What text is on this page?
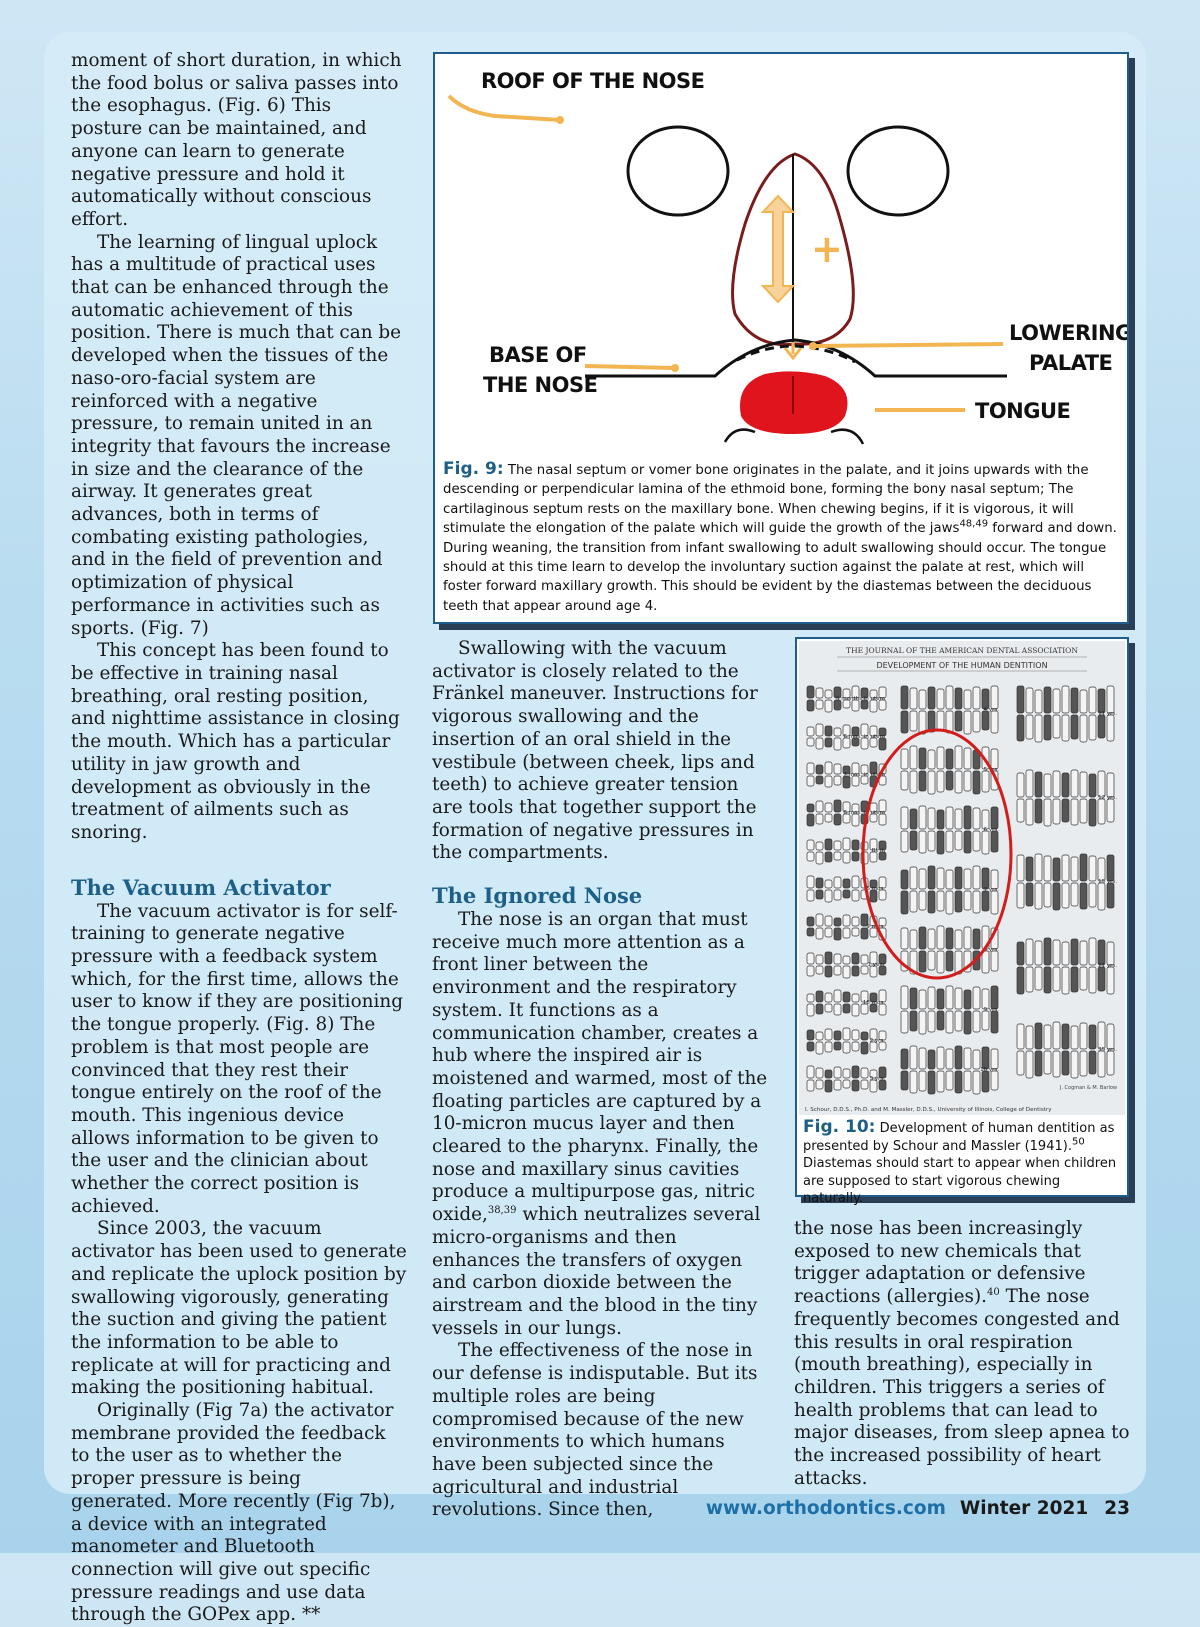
moment of short duration, in which the food bolus or saliva passes into the esophagus. (Fig. 6) This posture can be maintained, and anyone can learn to generate negative pressure and hold it automatically without conscious effort.

The learning of lingual uplock has a multitude of practical uses that can be enhanced through the automatic achievement of this position. There is much that can be developed when the tissues of the naso-oro-facial system are reinforced with a negative pressure, to remain united in an integrity that favours the increase in size and the clearance of the airway. It generates great advances, both in terms of combating existing pathologies, and in the field of prevention and optimization of physical performance in activities such as sports. (Fig. 7)

This concept has been found to be effective in training nasal breathing, oral resting position, and nighttime assistance in closing the mouth. Which has a particular utility in jaw growth and development as obviously in the treatment of ailments such as snoring.

The Vacuum Activator

The vacuum activator is for self-training to generate negative pressure with a feedback system which, for the first time, allows the user to know if they are positioning the tongue properly. (Fig. 8) The problem is that most people are convinced that they rest their tongue entirely on the roof of the mouth. This ingenious device allows information to be given to the user and the clinician about whether the correct position is achieved.

Since 2003, the vacuum activator has been used to generate and replicate the uplock position by swallowing vigorously, generating the suction and giving the patient the information to be able to replicate at will for practicing and making the positioning habitual.

Originally (Fig 7a) the activator membrane provided the feedback to the user as to whether the proper pressure is being generated. More recently (Fig 7b), a device with an integrated manometer and Bluetooth connection will give out specific pressure readings and use data through the GOPex app. **

ROOF OF THE NOSE
+
BASE OF
THE NOSE
LOWERING
PALATE
TONGUE
Fig. 9: The nasal septum or vomer bone originates in the palate, and it joins upwards with the descending or perpendicular lamina of the ethmoid bone, forming the bony nasal septum; The cartilaginous septum rests on the maxillary bone. When chewing begins, if it is vigorous, it will stimulate the elongation of the palate which will guide the growth of the jaws$^{48,49}$ forward and down. During weaning, the transition from infant swallowing to adult swallowing should occur. The tongue should at this time learn to develop the involuntary suction against the palate at rest, which will foster forward maxillary growth. This should be evident by the diastemas between the deciduous teeth that appear around age 4.

Swallowing with the vacuum activator is closely related to the Fränkel maneuver. Instructions for vigorous swallowing and the insertion of an oral shield in the vestibule (between cheek, lips and teeth) to achieve greater tension are tools that together support the formation of negative pressures in the compartments.

The Ignored Nose

The nose is an organ that must receive much more attention as a front liner between the environment and the respiratory system. It functions as a communication chamber, creates a hub where the inspired air is moistened and warmed, most of the floating particles are captured by a 10-micron mucus layer and then cleared to the pharynx. Finally, the nose and maxillary sinus cavities produce a multipurpose gas, nitric oxide,$^{38,39}$ which neutralizes several micro-organisms and then enhances the transfers of oxygen and carbon dioxide between the airstream and the blood in the tiny vessels in our lungs.

The effectiveness of the nose in our defense is indisputable. But its multiple roles are being compromised because of the new environments to which humans have been subjected since the agricultural and industrial revolutions. Since then,

THE JOURNAL OF THE AMERICAN DENTAL ASSOCIATION
DEVELOPMENT OF THE HUMAN DENTITION
5 months in utero
6 mos. in utero
7 mos. in utero
8 mos. in utero
Birth
6 mos.
9 mos.
1 year
18 mos.
2 yrs.
3 yrs.
4 yrs.
5 yrs.
6 yrs.
7 yrs.
8 yrs.
9 yrs.
10 yrs.
11 yrs.
12 yrs.
15 yrs.
21 yrs.
35 yrs.
I. Schour, D.D.S., Ph.D. and M. Massler, D.D.S., University of Illinois, College of Dentistry
J. Cogman & M. Barlow
Fig. 10: Development of human dentition as presented by Schour and Massler (1941).$^{50}$ Diastemas should start to appear when children are supposed to start vigorous chewing naturally.

the nose has been increasingly exposed to new chemicals that trigger adaptation or defensive reactions (allergies).$^{40}$ The nose frequently becomes congested and this results in oral respiration (mouth breathing), especially in children. This triggers a series of health problems that can lead to major diseases, from sleep apnea to the increased possibility of heart attacks.

www.orthodontics.com Winter 2021 23
